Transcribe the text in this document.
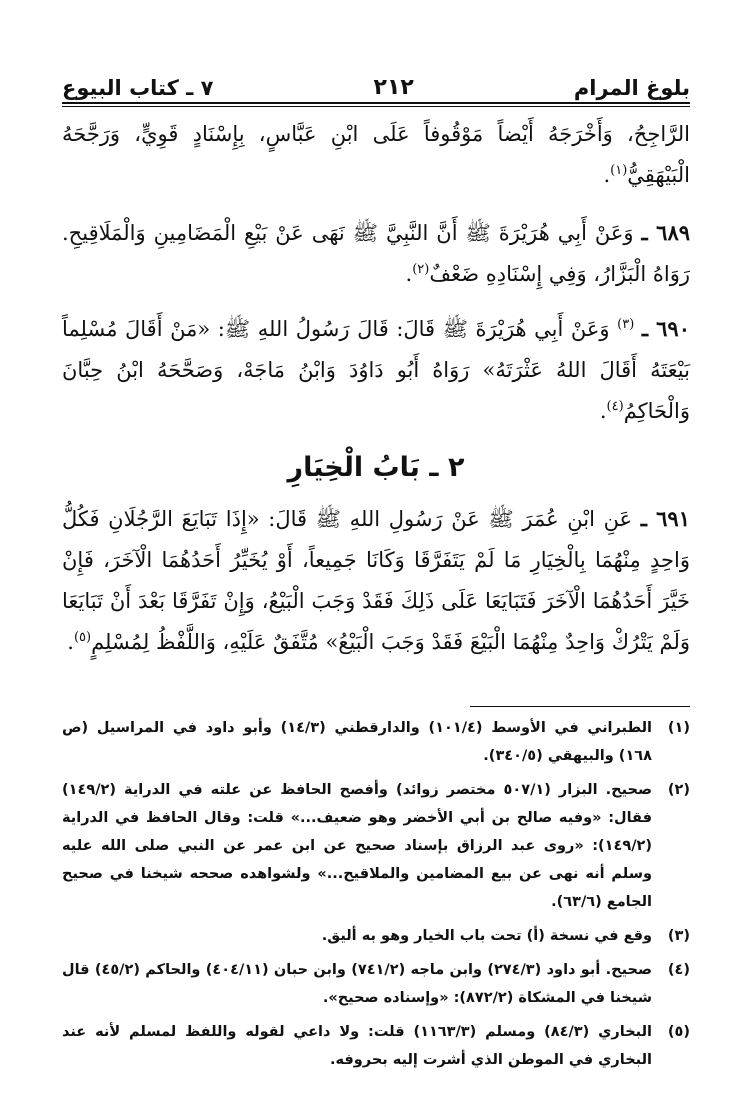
بلوغ المرام
٢١٢
٧ ـ كتاب البيوع

الرَّاجِحُ، وَأَخْرَجَهُ أَيْضاً مَوْقُوفاً عَلَى ابْنِ عَبَّاسٍ، بِإِسْنَادٍ قَوِيٍّ، وَرَجَّحَهُ الْبَيْهَقِيُّ$^{(١)}$.

٦٨٩ ـ وَعَنْ أَبِي هُرَيْرَةَ ﷺ أَنَّ النَّبِيَّ ﷺ نَهَى عَنْ بَيْعِ الْمَضَامِينِ وَالْمَلَاقِيحِ. رَوَاهُ الْبَزَّارُ، وَفِي إِسْنَادِهِ ضَعْفٌ$^{(٢)}$.

٦٩٠ ـ $^{(٣)}$ وَعَنْ أَبِي هُرَيْرَةَ ﷺ قَالَ: قَالَ رَسُولُ اللهِ ﷺ: «مَنْ أَقَالَ مُسْلِماً بَيْعَتَهُ أَقَالَ اللهُ عَثْرَتَهُ» رَوَاهُ أَبُو دَاوُدَ وَابْنُ مَاجَهْ، وَصَحَّحَهُ ابْنُ حِبَّانَ وَالْحَاكِمُ$^{(٤)}$.

٢ ـ بَابُ الْخِيَارِ

٦٩١ ـ عَنِ ابْنِ عُمَرَ ﷺ عَنْ رَسُولِ اللهِ ﷺ قَالَ: «إِذَا تَبَايَعَ الرَّجُلَانِ فَكُلُّ وَاحِدٍ مِنْهُمَا بِالْخِيَارِ مَا لَمْ يَتَفَرَّقَا وَكَانَا جَمِيعاً، أَوْ يُخَيِّرُ أَحَدُهُمَا الْآخَرَ، فَإِنْ خَيَّرَ أَحَدُهُمَا الْآخَرَ فَتَبَايَعَا عَلَى ذَلِكَ فَقَدْ وَجَبَ الْبَيْعُ، وَإِنْ تَفَرَّقَا بَعْدَ أَنْ تَبَايَعَا وَلَمْ يَتْرُكْ وَاحِدٌ مِنْهُمَا الْبَيْعَ فَقَدْ وَجَبَ الْبَيْعُ» مُتَّفَقٌ عَلَيْهِ، وَاللَّفْظُ لِمُسْلِمٍ$^{(٥)}$.

(١)
الطبراني في الأوسط (١٠١/٤) والدارقطني (١٤/٣) وأبو داود في المراسيل (ص ١٦٨) والبيهقي (٣٤٠/٥).
(٢)
صحيح. البزار (٥٠٧/١ مختصر زوائد) وأفصح الحافظ عن علته في الدراية (١٤٩/٢) فقال: «وفيه صالح بن أبي الأخضر وهو ضعيف...» قلت: وقال الحافظ في الدراية (١٤٩/٢): «روى عبد الرزاق بإسناد صحيح عن ابن عمر عن النبي صلى الله عليه وسلم أنه نهى عن بيع المضامين والملاقيح...» ولشواهده صححه شيخنا في صحيح الجامع (٦٣/٦).
(٣)
وقع في نسخة (أ) تحت باب الخيار وهو به أليق.
(٤)
صحيح. أبو داود (٢٧٤/٣) وابن ماجه (٧٤١/٢) وابن حبان (٤٠٤/١١) والحاكم (٤٥/٢) قال شيخنا في المشكاة (٨٧٢/٢): «وإسناده صحيح».
(٥)
البخاري (٨٤/٣) ومسلم (١١٦٣/٣) قلت: ولا داعي لقوله واللفظ لمسلم لأنه عند البخاري في الموطن الذي أشرت إليه بحروفه.
